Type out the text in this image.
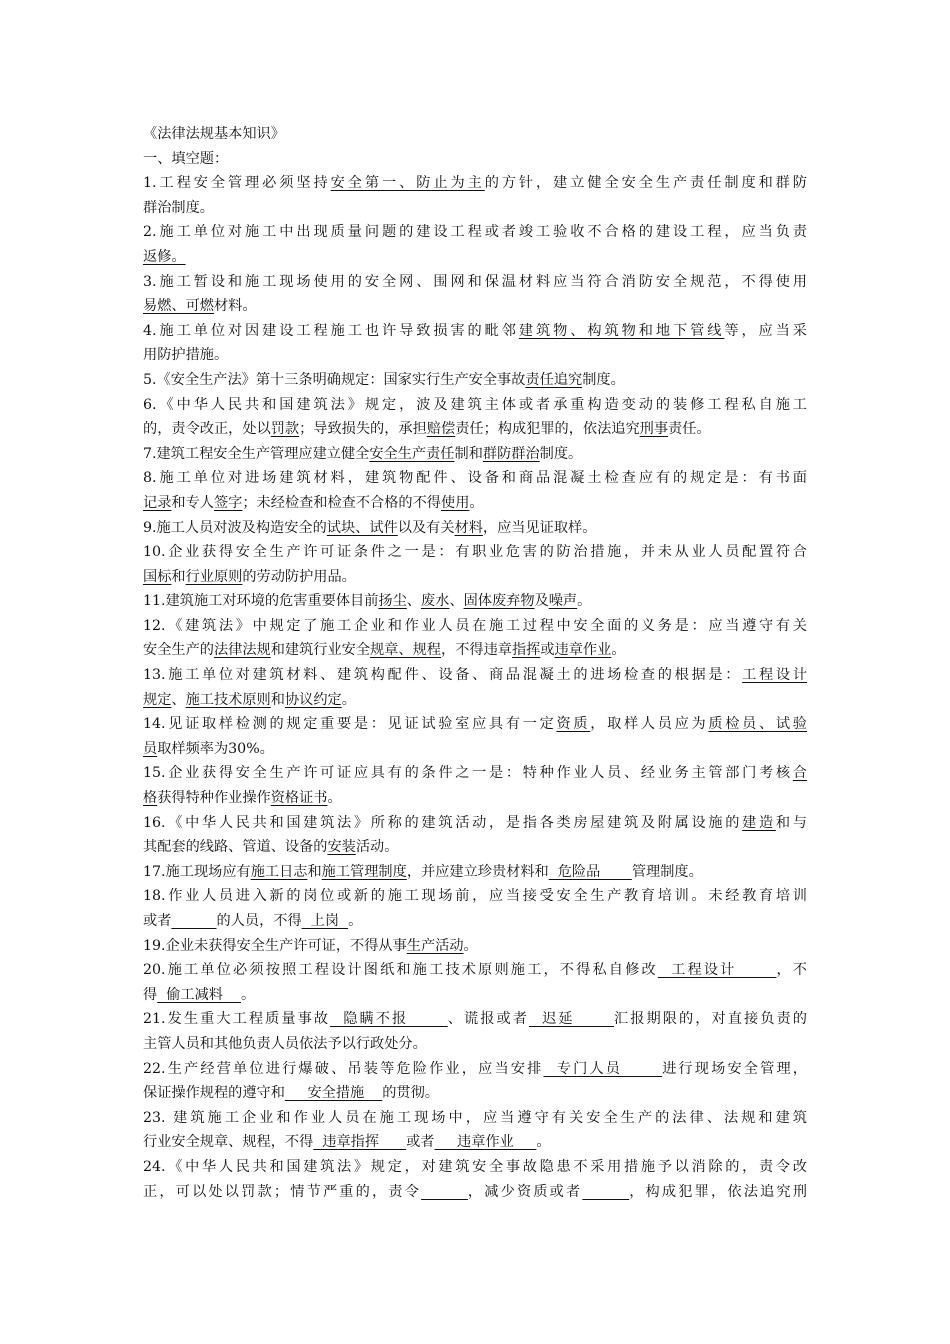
《法律法规基本知识》
一、填空题：
1.工程安全管理必须坚持安全第一、防止为主的方针，建立健全安全生产责任制度和群防
群治制度。
2.施工单位对施工中出现质量问题的建设工程或者竣工验收不合格的建设工程，应当负责
返修。
3.施工暂设和施工现场使用的安全网、围网和保温材料应当符合消防安全规范，不得使用
易燃、可燃材料。
4.施工单位对因建设工程施工也许导致损害的毗邻建筑物、构筑物和地下管线等，应当采
用防护措施。
5.《安全生产法》第十三条明确规定：国家实行生产安全事故责任追究制度。
6.《中华人民共和国建筑法》规定，波及建筑主体或者承重构造变动的装修工程私自施工
的，责令改正，处以罚款；导致损失的，承担赔偿责任；构成犯罪的，依法追究刑事责任。
7.建筑工程安全生产管理应建立健全安全生产责任制和群防群治制度。
8.施工单位对进场建筑材料，建筑物配件、设备和商品混凝土检查应有的规定是：有书面
记录和专人签字；未经检查和检查不合格的不得使用。
9.施工人员对波及构造安全的试块、试件以及有关材料，应当见证取样。
10.企业获得安全生产许可证条件之一是：有职业危害的防治措施，并未从业人员配置符合
国标和行业原则的劳动防护用品。
11.建筑施工对环境的危害重要体目前扬尘、废水、固体废弃物及噪声。
12.《建筑法》中规定了施工企业和作业人员在施工过程中安全面的义务是：应当遵守有关
安全生产的法律法规和建筑行业安全规章、规程，不得违章指挥或违章作业。
13.施工单位对建筑材料、建筑构配件、设备、商品混凝土的进场检查的根据是：工程设计
规定、施工技术原则和协议约定。
14.见证取样检测的规定重要是：见证试验室应具有一定资质，取样人员应为质检员、试验
员取样频率为30%。
15.企业获得安全生产许可证应具有的条件之一是：特种作业人员、经业务主管部门考核合
格获得特种作业操作资格证书。
16.《中华人民共和国建筑法》所称的建筑活动，是指各类房屋建筑及附属设施的建造和与
其配套的线路、管道、设备的安装活动。
17.施工现场应有施工日志和施工管理制度，并应建立珍贵材料和  危险品       管理制度。
18.作业人员进入新的岗位或新的施工现场前，应当接受安全生产教育培训。未经教育培训
或者	的人员，不得  上岗  。
19.企业未获得安全生产许可证，不得从事生产活动。
20.施工单位必须按照工程设计图纸和施工技术原则施工，不得私自修改  工程设计      ，不
得  偷工减料    。
21.发生重大工程质量事故  隐瞒不报      、谎报或者  迟延      汇报期限的，对直接负责的
主管人员和其他负责人员依法予以行政处分。
22.生产经营单位进行爆破、吊装等危险作业，应当安排  专门人员      进行现场安全管理，
保证操作规程的遵守和     安全措施    的贯彻。
23. 建筑施工企业和作业人员在施工现场中，应当遵守有关安全生产的法律、法规和建筑
行业安全规章、规程，不得  违章指挥      或者     违章作业     。
24.《中华人民共和国建筑法》规定，对建筑安全事故隐患不采用措施予以消除的，责令改
正，可以处以罚款；情节严重的，责令	，减少资质或者	，构成犯罪，依法追究刑
